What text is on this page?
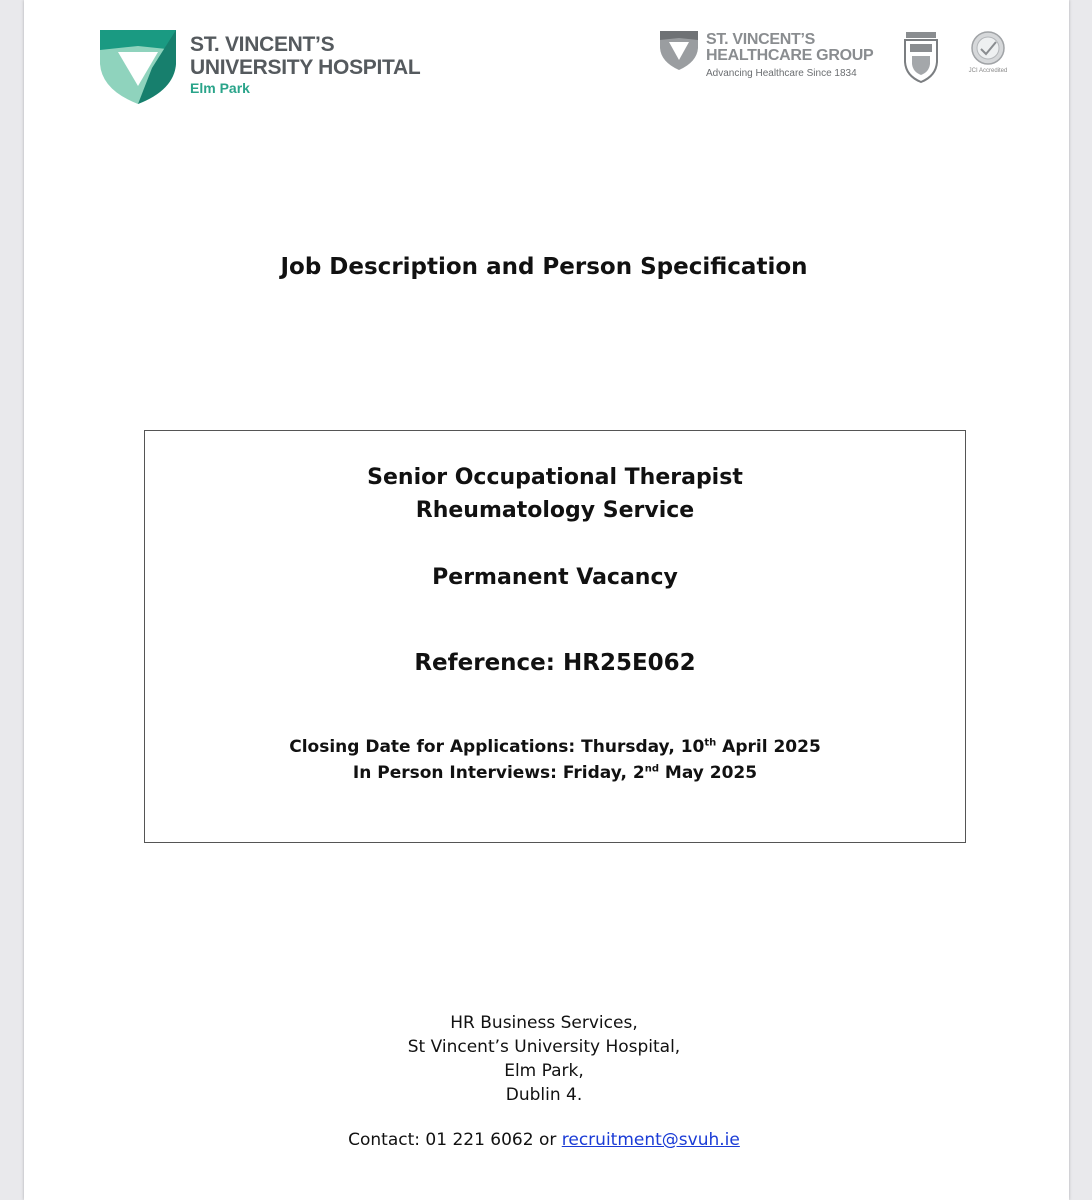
ST. VINCENT’S
UNIVERSITY HOSPITAL
Elm Park
ST. VINCENT’S
HEALTHCARE GROUP
Advancing Healthcare Since 1834	JCI Accredited
Job Description and Person Specification
Senior Occupational Therapist
Rheumatology Service
Permanent Vacancy
Reference: HR25E062
Closing Date for Applications: Thursday, 10th April 2025
In Person Interviews: Friday, 2nd May 2025
HR Business Services,
St Vincent’s University Hospital,
Elm Park,
Dublin 4.
Contact: 01 221 6062 or recruitment@svuh.ie
